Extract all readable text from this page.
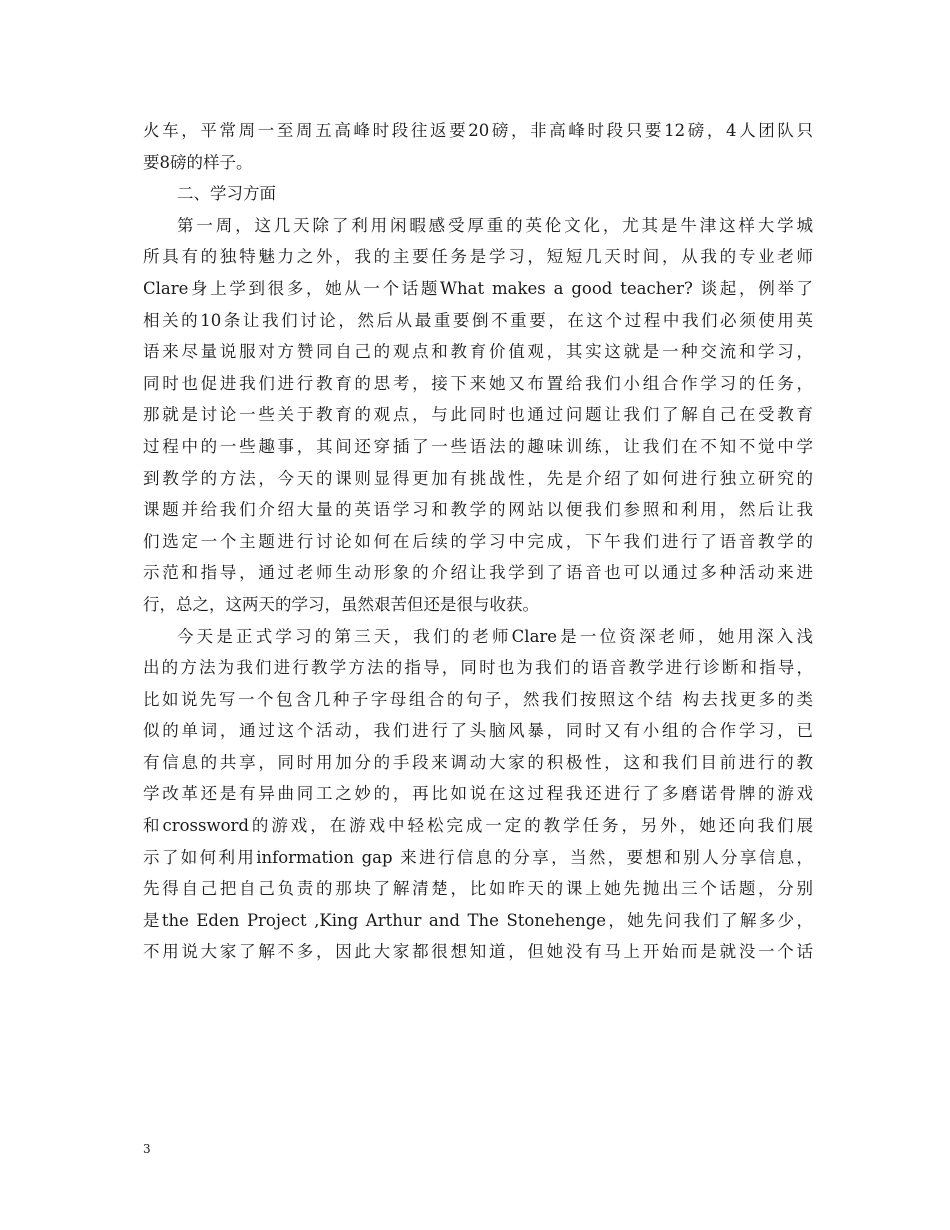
火车，平常周一至周五高峰时段往返要20磅，非高峰时段只要12磅，4人团队只
要8磅的样子。
二、学习方面
第一周，这几天除了利用闲暇感受厚重的英伦文化，尤其是牛津这样大学城
所具有的独特魅力之外，我的主要任务是学习，短短几天时间，从我的专业老师
Clare身上学到很多，她从一个话题What makes a good teacher? 谈起，例举了
相关的10条让我们讨论，然后从最重要倒不重要，在这个过程中我们必须使用英
语来尽量说服对方赞同自己的观点和教育价值观，其实这就是一种交流和学习，
同时也促进我们进行教育的思考，接下来她又布置给我们小组合作学习的任务，
那就是讨论一些关于教育的观点，与此同时也通过问题让我们了解自己在受教育
过程中的一些趣事，其间还穿插了一些语法的趣味训练，让我们在不知不觉中学
到教学的方法，今天的课则显得更加有挑战性，先是介绍了如何进行独立研究的
课题并给我们介绍大量的英语学习和教学的网站以便我们参照和利用，然后让我
们选定一个主题进行讨论如何在后续的学习中完成，下午我们进行了语音教学的
示范和指导，通过老师生动形象的介绍让我学到了语音也可以通过多种活动来进
行，总之，这两天的学习，虽然艰苦但还是很与收获。
今天是正式学习的第三天，我们的老师Clare是一位资深老师，她用深入浅
出的方法为我们进行教学方法的指导，同时也为我们的语音教学进行诊断和指导，
比如说先写一个包含几种子字母组合的句子，然我们按照这个结 构去找更多的类
似的单词，通过这个活动，我们进行了头脑风暴，同时又有小组的合作学习，已
有信息的共享，同时用加分的手段来调动大家的积极性，这和我们目前进行的教
学改革还是有异曲同工之妙的，再比如说在这过程我还进行了多磨诺骨牌的游戏
和crossword的游戏，在游戏中轻松完成一定的教学任务，另外，她还向我们展
示了如何利用information gap 来进行信息的分享，当然，要想和别人分享信息，
先得自己把自己负责的那块了解清楚，比如昨天的课上她先抛出三个话题，分别
是the Eden Project ,King Arthur and The Stonehenge，她先问我们了解多少，
不用说大家了解不多，因此大家都很想知道，但她没有马上开始而是就没一个话
3
